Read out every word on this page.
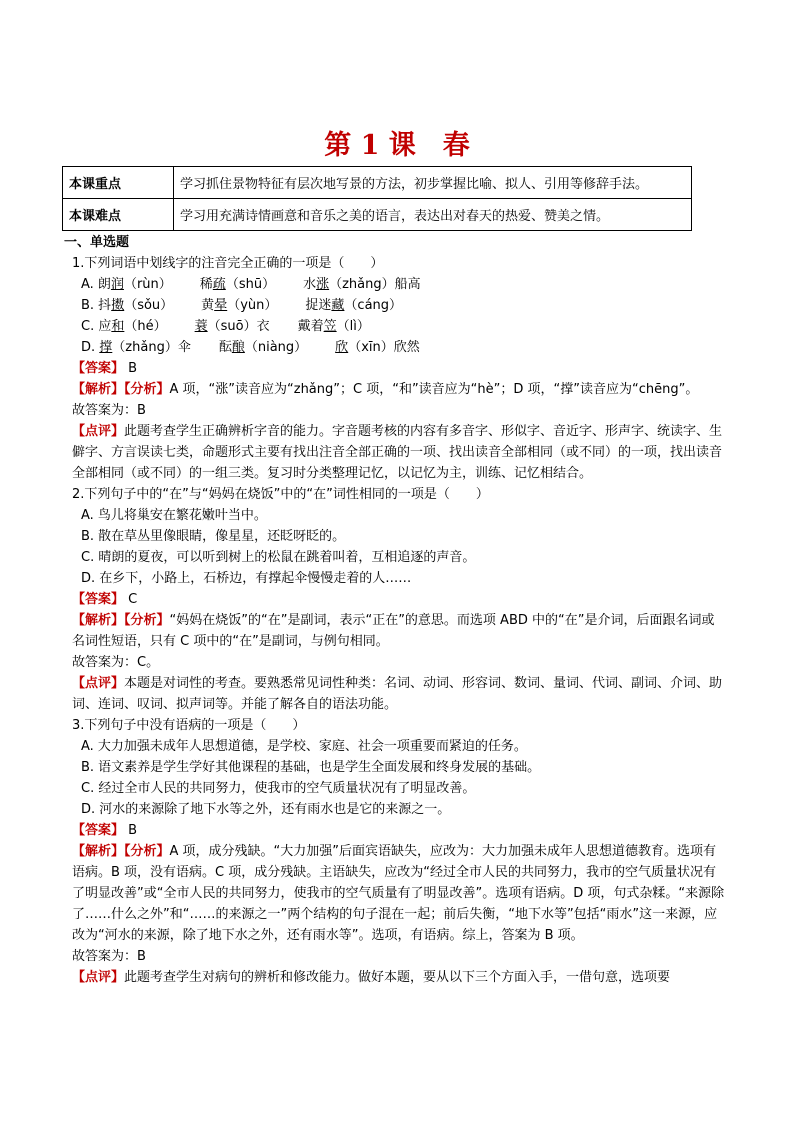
第 1 课　春
本课重点	学习抓住景物特征有层次地写景的方法，初步掌握比喻、拟人、引用等修辞手法。
本课难点	学习用充满诗情画意和音乐之美的语言，表达出对春天的热爱、赞美之情。

一、单选题

1.下列词语中划线字的注音完全正确的一项是（　　）

A. 朗润（rùn） 稀疏（shū） 水涨（zhǎng）船高

B. 抖擞（sǒu） 黄晕（yùn） 捉迷藏（cáng）

C. 应和（hé） 蓑（suō）衣 戴着笠（lì）

D. 撑（zhǎng）伞 酝酿（niàng） 欣（xīn）欣然

【答案】 B

【解析】【分析】A 项，“涨”读音应为“zhǎng”；C 项，“和”读音应为“hè”；D 项，“撑”读音应为“chēng”。

故答案为：B

【点评】此题考查学生正确辨析字音的能力。字音题考核的内容有多音字、形似字、音近字、形声字、统读字、生僻字、方言误读七类，命题形式主要有找出注音全部正确的一项、找出读音全部相同（或不同）的一项，找出读音全部相同（或不同）的一组三类。复习时分类整理记忆，以记忆为主，训练、记忆相结合。

2.下列句子中的“在”与“妈妈在烧饭”中的“在”词性相同的一项是（　　）

A. 鸟儿将巢安在繁花嫩叶当中。

B. 散在草丛里像眼睛，像星星，还眨呀眨的。

C. 晴朗的夏夜，可以听到树上的松鼠在跳着叫着，互相追逐的声音。

D. 在乡下，小路上，石桥边，有撑起伞慢慢走着的人……

【答案】 C

【解析】【分析】“妈妈在烧饭”的“在”是副词，表示“正在”的意思。而选项 ABD 中的“在”是介词，后面跟名词或名词性短语，只有 C 项中的“在”是副词，与例句相同。

故答案为：C。

【点评】本题是对词性的考查。要熟悉常见词性种类：名词、动词、形容词、数词、量词、代词、副词、介词、助词、连词、叹词、拟声词等。并能了解各自的语法功能。

3.下列句子中没有语病的一项是（　　）

A. 大力加强未成年人思想道德，是学校、家庭、社会一项重要而紧迫的任务。

B. 语文素养是学生学好其他课程的基础，也是学生全面发展和终身发展的基础。

C. 经过全市人民的共同努力，使我市的空气质量状况有了明显改善。

D. 河水的来源除了地下水等之外，还有雨水也是它的来源之一。

【答案】 B

【解析】【分析】A 项，成分残缺。“大力加强”后面宾语缺失，应改为：大力加强未成年人思想道德教育。选项有语病。B 项，没有语病。C 项，成分残缺。主语缺失，应改为“经过全市人民的共同努力，我市的空气质量状况有了明显改善”或“全市人民的共同努力，使我市的空气质量有了明显改善”。选项有语病。D 项，句式杂糅。“来源除了……什么之外”和“……的来源之一”两个结构的句子混在一起；前后失衡，“地下水等”包括“雨水”这一来源，应改为“河水的来源，除了地下水之外，还有雨水等”。选项，有语病。综上，答案为 B 项。

故答案为：B

【点评】此题考查学生对病句的辨析和修改能力。做好本题，要从以下三个方面入手，一借句意，选项要
